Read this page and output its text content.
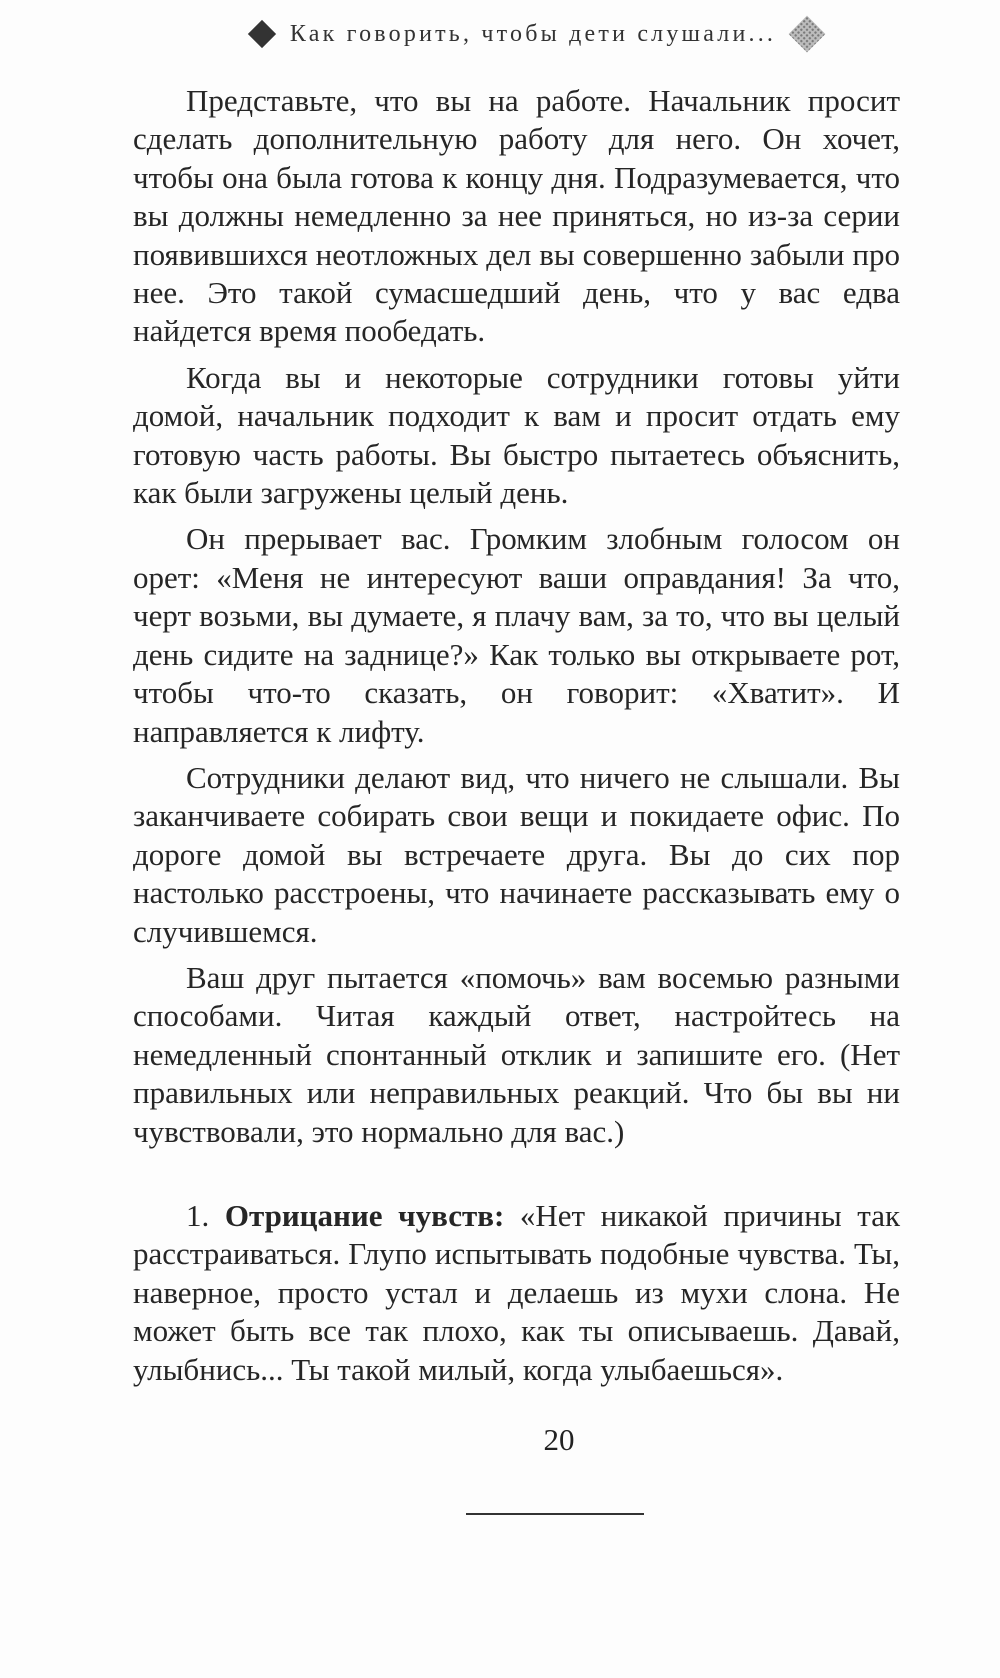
Как говорить, чтобы дети слушали...

Представьте, что вы на работе. Начальник просит сделать дополнительную работу для него. Он хочет, чтобы она была готова к концу дня. Подразумевается, что вы должны немедленно за нее приняться, но из-за серии появившихся неотложных дел вы совершенно забыли про нее. Это такой сумасшедший день, что у вас едва найдется время пообедать.

Когда вы и некоторые сотрудники готовы уйти домой, начальник подходит к вам и просит отдать ему готовую часть работы. Вы быстро пытаетесь объяснить, как были загружены целый день.

Он прерывает вас. Громким злобным голосом он орет: «Меня не интересуют ваши оправдания! За что, черт возьми, вы думаете, я плачу вам, за то, что вы целый день сидите на заднице?» Как только вы открываете рот, чтобы что-то сказать, он говорит: «Хватит». И направляется к лифту.

Сотрудники делают вид, что ничего не слышали. Вы заканчиваете собирать свои вещи и покидаете офис. По дороге домой вы встречаете друга. Вы до сих пор настолько расстроены, что начинаете рассказывать ему о случившемся.

Ваш друг пытается «помочь» вам восемью разными способами. Читая каждый ответ, настройтесь на немедленный спонтанный отклик и запишите его. (Нет правильных или неправильных реакций. Что бы вы ни чувствовали, это нормально для вас.)

1. Отрицание чувств: «Нет никакой причины так расстраиваться. Глупо испытывать подобные чувства. Ты, наверное, просто устал и делаешь из мухи слона. Не может быть все так плохо, как ты описываешь. Давай, улыбнись... Ты такой милый, когда улыбаешься».

20
